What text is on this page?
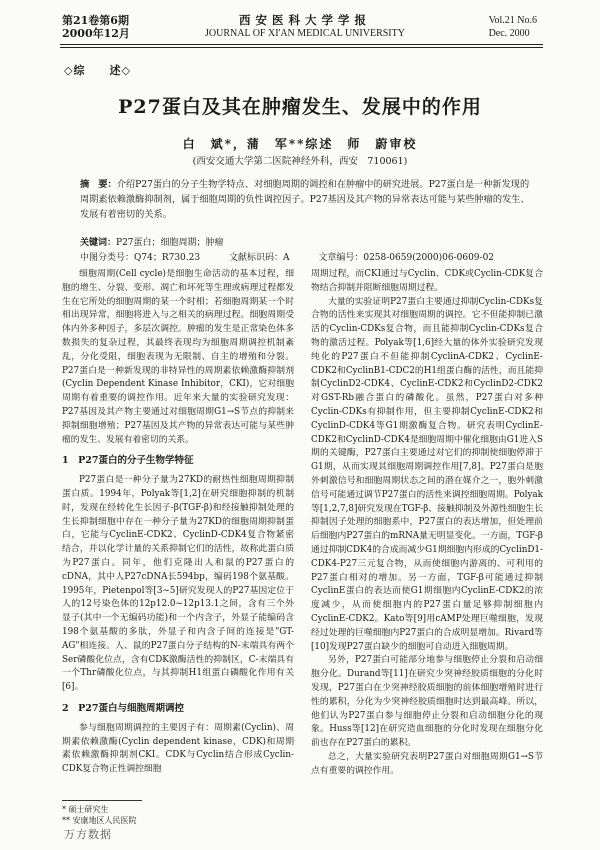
第21卷第6期
2000年12月
西安医科大学学报
JOURNAL OF XI'AN MEDICAL UNIVERSITY
Vol.21 No.6
Dec. 2000
◇综　　述◇
P27蛋白及其在肿瘤发生、发展中的作用
白　斌*，蒲　军**综述　师　蔚审校
(西安交通大学第二医院神经外科，西安　710061)
摘　要：介绍P27蛋白的分子生物学特点、对细胞周期的调控和在肿瘤中的研究进展。P27蛋白是一种新发现的周期素依赖激酶抑制剂，属于细胞周期的负性调控因子。P27基因及其产物的异常表达可能与某些肿瘤的发生、发展有着密切的关系。
关键词：P27蛋白；细胞周期；肿瘤
中图分类号：Q74；R730.23	文献标识码：A	文章编号：0258-0659(2000)06-0609-02

细胞周期(Cell cycle)是细胞生命活动的基本过程，细胞的增生、分裂、变形、凋亡和坏死等生理或病理过程都发生在它所处的细胞周期的某一个时相；若细胞周期某一个时相出现异常，细胞将进入与之相关的病理过程。细胞周期受体内外多种因子，多层次调控。肿瘤的发生是正常染色体多数损失的复杂过程，其最终表现均为细胞周期调控机制紊乱，分化受阻，细胞表现为无限制、自主的增殖和分裂。P27蛋白是一种新发现的非特异性的周期素依赖激酶抑制剂(Cyclin Dependent Kinase Inhibitor，CKI)，它对细胞周期有着重要的调控作用。近年来大量的实验研究发现：P27基因及其产物主要通过对细胞周期G1→S节点的抑制来抑制细胞增殖；P27基因及其产物的异常表达可能与某些肿瘤的发生、发展有着密切的关系。

1　P27蛋白的分子生物学特征

P27蛋白是一种分子量为27KD的耐热性细胞周期抑制蛋白质。1994年，Polyak等[1,2]在研究细胞抑制的机制时，发现在经转化生长因子-β(TGF-β)和经接触抑制处理的生长抑制细胞中存在一种分子量为27KD的细胞周期抑制蛋白，它能与CyclinE-CDK2、CyclinD-CDK4复合物紧密结合，并以化学计量的关系抑制它们的活性，故称此蛋白质为P27蛋白。同年，他们克隆出人和鼠的P27蛋白的cDNA，其中人P27cDNA长594bp，编码198个氨基酸。1995年，Pietenpol等[3~5]研究发现人的P27基因定位于人的12号染色体的12p12.0~12p13.1之间，含有三个外显子(其中一个无编码功能)和一个内含子，外显子能编码含198个氨基酸的多肽，外显子和内含子间的连接是"GT-AG"相连接。人、鼠的P27蛋白分子结构的N-末端具有两个Ser磷酸化位点，含有CDK激酶活性的抑制区，C-末端具有一个Thr磷酸化位点，与其抑制H1组蛋白磷酸化作用有关[6]。

2　P27蛋白与细胞周期调控

参与细胞周期调控的主要因子有：周期素(Cyclin)、周期素依赖激酶(Cyclin dependent kinase，CDK)和周期素依赖激酶抑制剂CKI。CDK与Cyclin结合形成Cyclin-CDK复合物正性调控细胞

周期过程，而CKI通过与Cyclin、CDK或Cyclin-CDK复合物结合抑制并阻断细胞周期过程。

大量的实验证明P27蛋白主要通过抑制Cyclin-CDKs复合物的活性来实现其对细胞周期的调控。它不但能抑制已激活的Cyclin-CDKs复合物，而且能抑制Cyclin-CDKs复合物的激活过程。Polyak等[1,6]经大量的体外实验研究发现纯化的P27蛋白不但能抑制CyclinA-CDK2、CyclinE-CDK2和CyclinB1-CDC2的H1组蛋白酶的活性，而且能抑制CyclinD2-CDK4、CyclinE-CDK2和CyclinD2-CDK2对GST-Rb融合蛋白的磷酸化。虽然，P27蛋白对多种Cyclin-CDKs有抑制作用，但主要抑制CyclinE-CDK2和CyclinD-CDK4等G1期激酶复合物。研究表明CyclinE-CDK2和CyclinD-CDK4是细胞周期中催化细胞由G1进入S期的关键酶，P27蛋白主要通过对它们的抑制使细胞停滞于G1期，从而实现其细胞周期调控作用[7,8]。P27蛋白是胞外刺激信号和细胞周期状态之间的潜在媒介之一，胞外刺激信号可能通过调节P27蛋白的活性来调控细胞周期。Polyak等[1,2,7,8]研究发现在TGF-β、接触抑制及外源性细胞生长抑制因子处理的细胞系中，P27蛋白的表达增加，但处理前后细胞内P27蛋白的mRNA量无明显变化。一方面，TGF-β通过抑制CDK4的合成而减少G1期细胞内形成的CyclinD1-CDK4-P27三元复合物，从而使细胞内游离的、可利用的P27蛋白相对的增加。另一方面，TGF-β可能通过抑制CyclinE蛋白的表达而使G1期细胞内CyclinE-CDK2的浓度减少，从而使细胞内的P27蛋白量足够抑制细胞内CyclinE-CDK2。Kato等[9]用cAMP处理巨噬细胞，发现经过处理的巨噬细胞内P27蛋白的合成明显增加。Rivard等[10]发现P27蛋白缺少的细胞可自动进入细胞周期。

另外，P27蛋白可能部分地参与细胞停止分裂和启动细胞分化。Durand等[11]在研究少突神经胶质细胞的分化时发现，P27蛋白在少突神经胶质细胞的前体细胞增殖时进行性的累积，分化为少突神经胶质细胞时达到最高峰。所以，他们认为P27蛋白参与细胞停止分裂和启动细胞分化的现象。Huss等[12]在研究造血细胞的分化时发现在细胞分化前也存在P27蛋白的累积。

总之，大量实验研究表明P27蛋白对细胞周期G1→S节点有重要的调控作用。

* 硕士研究生
** 安康地区人民医院
万方数据
